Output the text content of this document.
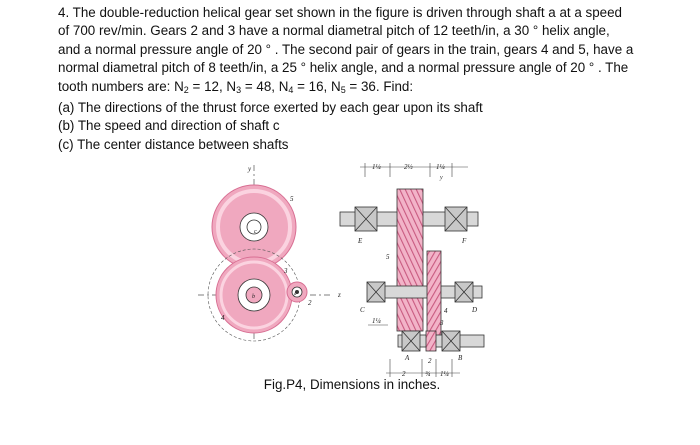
4. The double-reduction helical gear set shown in the figure is driven through shaft a at a speed

of 700 rev/min. Gears 2 and 3 have a normal diametral pitch of 12 teeth/in, a 30 ° helix angle,

and a normal pressure angle of 20 ° . The second pair of gears in the train, gears 4 and 5, have a

normal diametral pitch of 8 teeth/in, a 25 ° helix angle, and a normal pressure angle of 20 ° . The

tooth numbers are: $N_2 = 12$, $N_3 = 48$, $N_4 = 16$, $N_5 = 36$. Find:

(a) The directions of the thrust force exerted by each gear upon its shaft

(b) The speed and direction of shaft c

(c) The center distance between shafts

y
5
c
b
3
4
a
2
z
1¼	2½	1¼
y
E	F
5
4
C	D
3
1¼
A	2	B
2	¾ 1¼
Fig.P4, Dimensions in inches.
